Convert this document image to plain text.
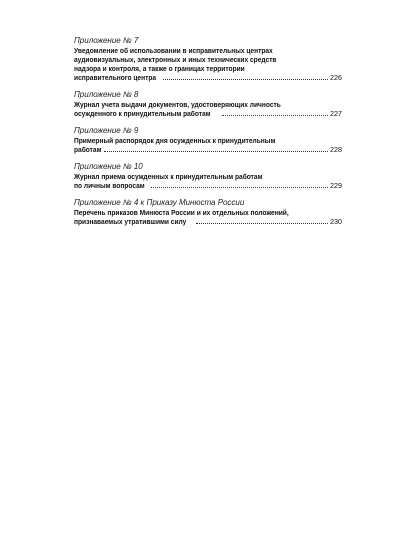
Приложение № 7
Уведомление об использовании в исправительных центрах
аудиовизуальных, электронных и иных технических средств
надзора и контроля, а также о границах территории
исправительного центра	226
Приложение № 8
Журнал учета выдачи документов, удостоверяющих личность
осужденного к принудительным работам	227
Приложение № 9
Примерный распорядок дня осужденных к принудительным
работам	228
Приложение № 10
Журнал приема осужденных к принудительным работам
по личным вопросам	229
Приложение № 4 к Приказу Минюста России
Перечень приказов Минюста России и их отдельных положений,
признаваемых утратившими силу	230
